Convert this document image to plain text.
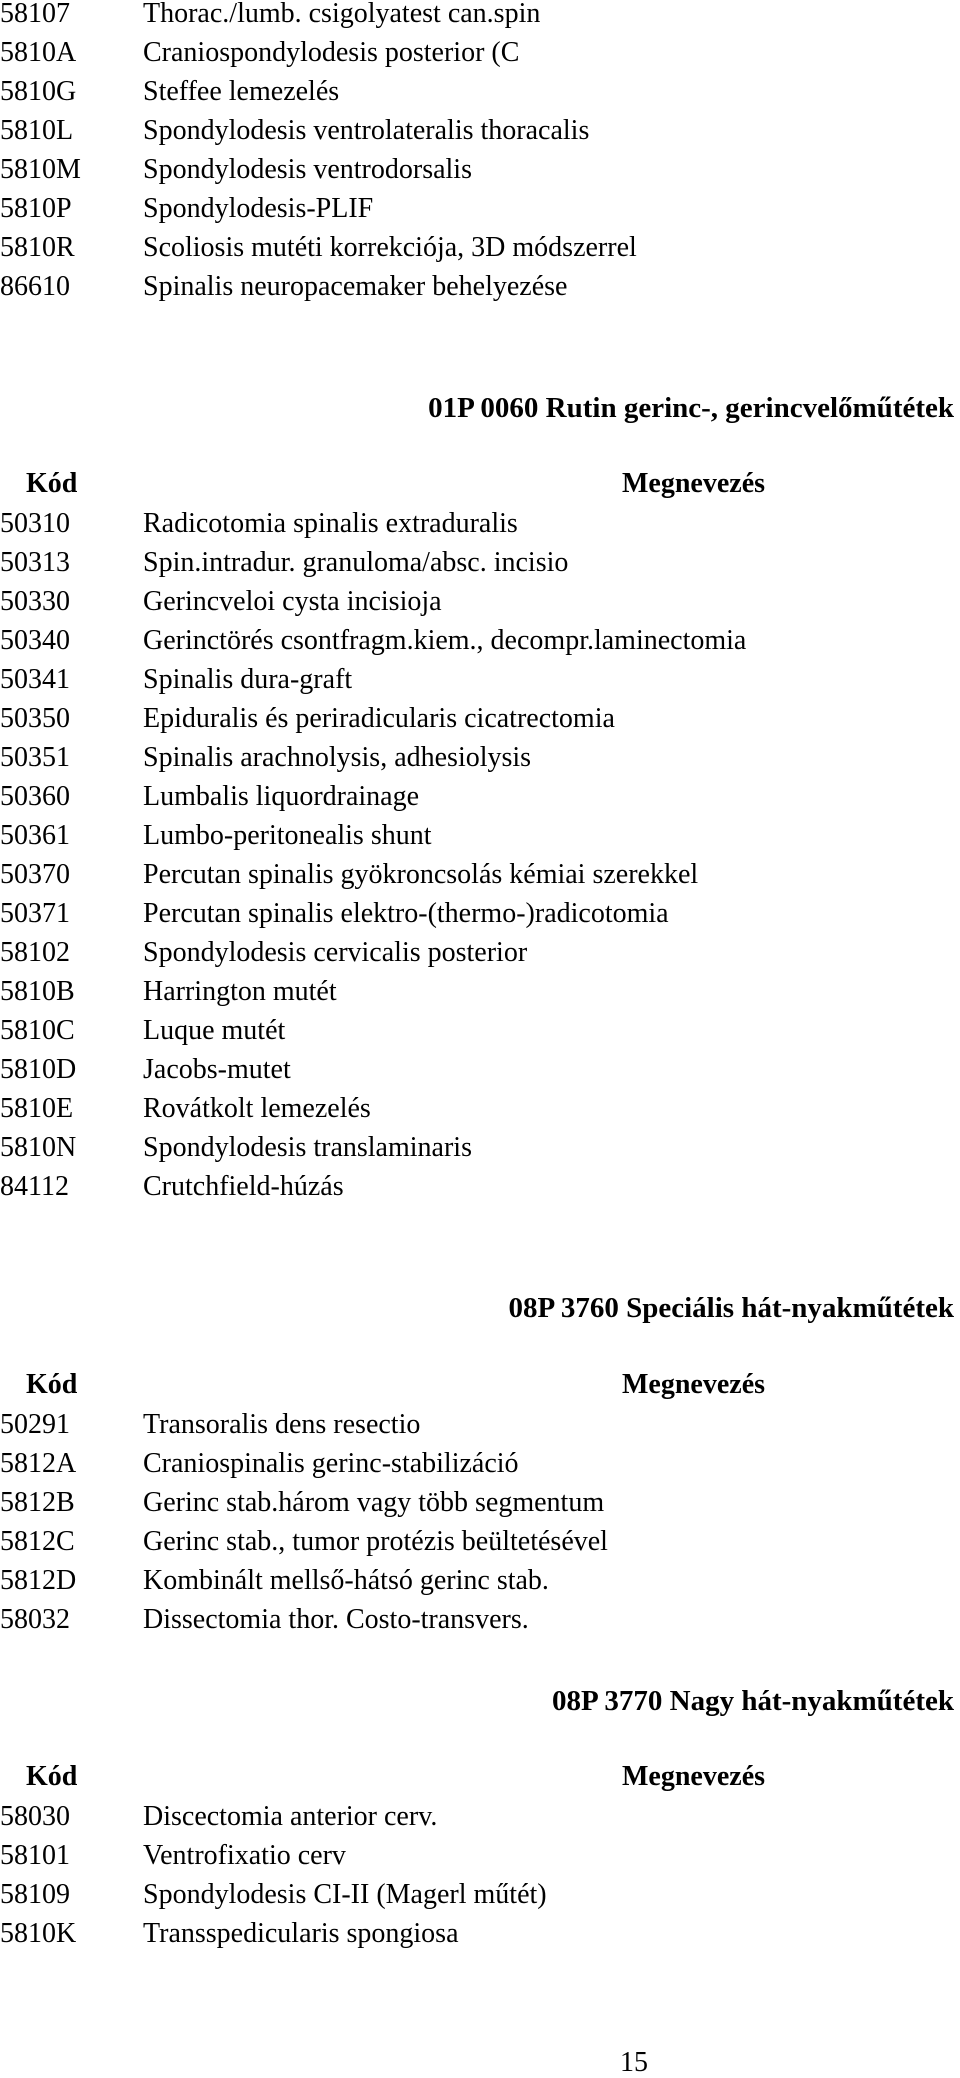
58107	Thorac./lumb. csigolyatest can.spin
5810A Craniospondylodesis posterior (C
5810G Steffee lemezelés
5810L Spondylodesis ventrolateralis thoracalis
5810M Spondylodesis ventrodorsalis
5810P	Spondylodesis-PLIF
5810R Scoliosis mutéti korrekciója, 3D módszerrel
86610	Spinalis neuropacemaker behelyezése
01P 0060 Rutin gerinc-, gerincvelőműtétek
Kód	Megnevezés
50310	Radicotomia spinalis extraduralis
50313	Spin.intradur. granuloma/absc. incisio
50330	Gerincveloi cysta incisioja
50340	Gerinctörés csontfragm.kiem., decompr.laminectomia
50341	Spinalis dura-graft
50350	Epiduralis és periradicularis cicatrectomia
50351	Spinalis arachnolysis, adhesiolysis
50360	Lumbalis liquordrainage
50361	Lumbo-peritonealis shunt
50370	Percutan spinalis gyökroncsolás kémiai szerekkel
50371	Percutan spinalis elektro-(thermo-)radicotomia
58102	Spondylodesis cervicalis posterior
5810B Harrington mutét
5810C Luque mutét
5810D Jacobs-mutet
5810E Rovátkolt lemezelés
5810N Spondylodesis translaminaris
84112	Crutchfield-húzás
08P 3760 Speciális hát-nyakműtétek
Kód	Megnevezés
50291	Transoralis dens resectio
5812A Craniospinalis gerinc-stabilizáció
5812B Gerinc stab.három vagy több segmentum
5812C Gerinc stab., tumor protézis beültetésével
5812D Kombinált mellső-hátsó gerinc stab.
58032	Dissectomia thor. Costo-transvers.
08P 3770 Nagy hát-nyakműtétek
Kód	Megnevezés
58030	Discectomia anterior cerv.
58101	Ventrofixatio cerv
58109	Spondylodesis CI-II (Magerl műtét)
5810K Transspedicularis spongiosa
15
